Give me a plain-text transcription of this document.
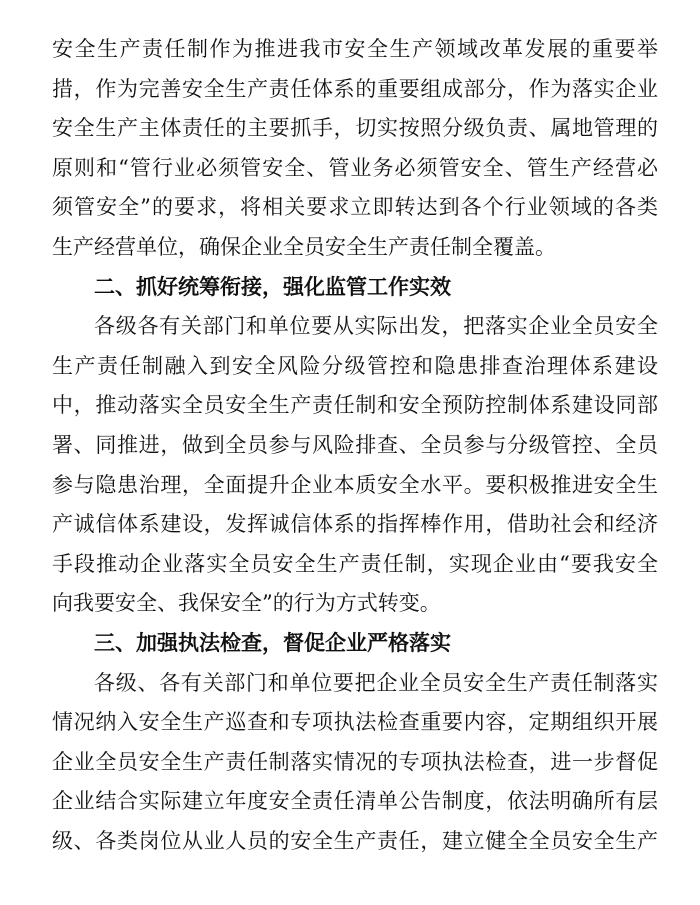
安全生产责任制作为推进我市安全生产领域改革发展的重要举
措，作为完善安全生产责任体系的重要组成部分，作为落实企业
安全生产主体责任的主要抓手，切实按照分级负责、属地管理的
原则和“管行业必须管安全、管业务必须管安全、管生产经营必
须管安全”的要求，将相关要求立即转达到各个行业领域的各类
生产经营单位，确保企业全员安全生产责任制全覆盖。
二、抓好统筹衔接，强化监管工作实效
各级各有关部门和单位要从实际出发，把落实企业全员安全
生产责任制融入到安全风险分级管控和隐患排查治理体系建设
中，推动落实全员安全生产责任制和安全预防控制体系建设同部
署、同推进，做到全员参与风险排查、全员参与分级管控、全员
参与隐患治理，全面提升企业本质安全水平。要积极推进安全生
产诚信体系建设，发挥诚信体系的指挥棒作用，借助社会和经济
手段推动企业落实全员安全生产责任制，实现企业由“要我安全
向我要安全、我保安全”的行为方式转变。
三、加强执法检查，督促企业严格落实
各级、各有关部门和单位要把企业全员安全生产责任制落实
情况纳入安全生产巡查和专项执法检查重要内容，定期组织开展
企业全员安全生产责任制落实情况的专项执法检查，进一步督促
企业结合实际建立年度安全责任清单公告制度，依法明确所有层
级、各类岗位从业人员的安全生产责任，建立健全全员安全生产
